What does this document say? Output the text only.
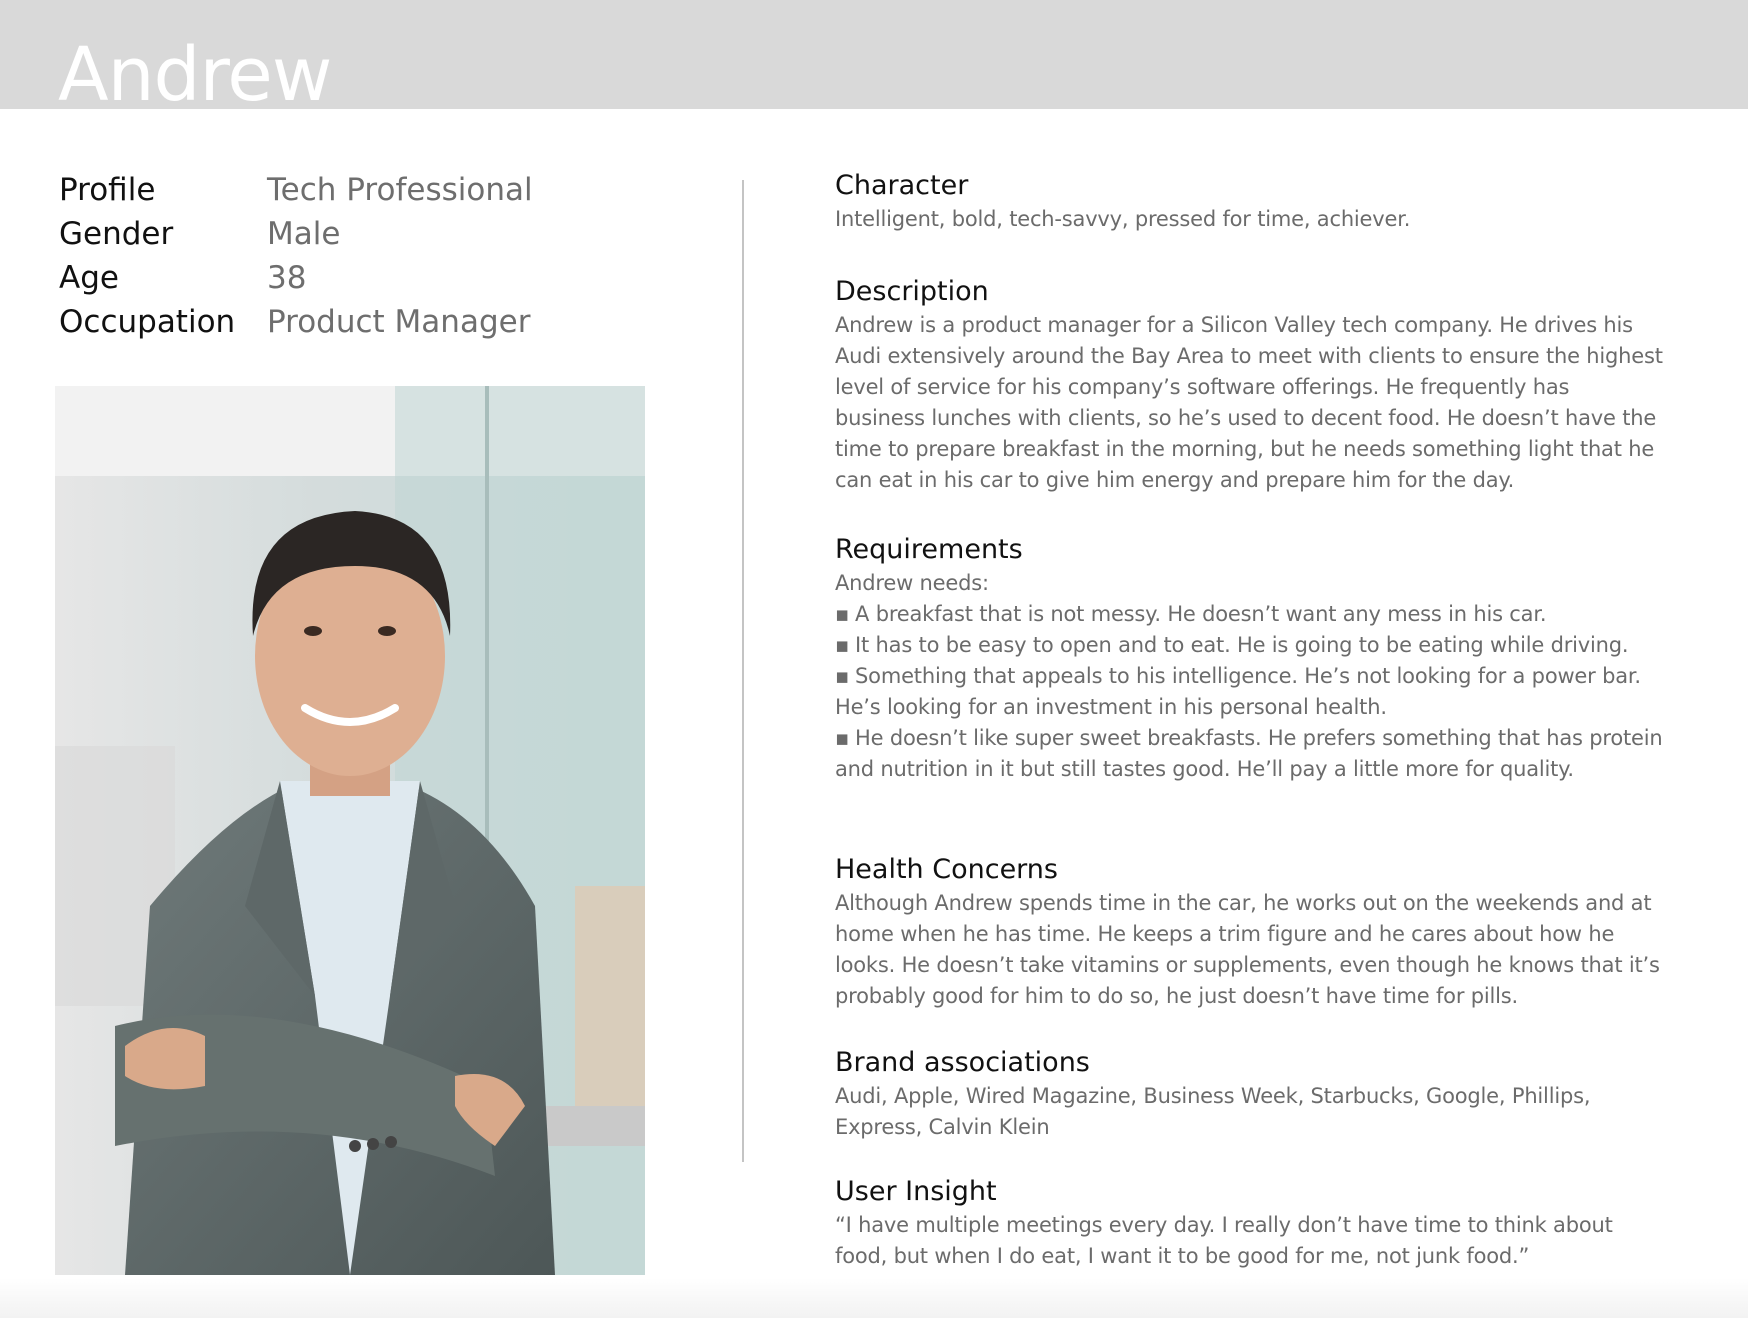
Andrew
Profile	Tech Professional
Gender	Male
Age	38
Occupation	Product Manager
Character
Intelligent, bold, tech-savvy, pressed for time, achiever.
Description
Andrew is a product manager for a Silicon Valley tech company. He drives his Audi extensively around the Bay Area to meet with clients to ensure the highest level of service for his company’s software offerings. He frequently has business lunches with clients, so he’s used to decent food. He doesn’t have the time to prepare breakfast in the morning, but he needs something light that he can eat in his car to give him energy and prepare him for the day.
Requirements
Andrew needs:
▪ A breakfast that is not messy. He doesn’t want any mess in his car.
▪ It has to be easy to open and to eat. He is going to be eating while driving.
▪ Something that appeals to his intelligence. He’s not looking for a power bar. He’s looking for an investment in his personal health.
▪ He doesn’t like super sweet breakfasts. He prefers something that has protein and nutrition in it but still tastes good. He’ll pay a little more for quality.
Health Concerns
Although Andrew spends time in the car, he works out on the weekends and at home when he has time. He keeps a trim figure and he cares about how he looks. He doesn’t take vitamins or supplements, even though he knows that it’s probably good for him to do so, he just doesn’t have time for pills.
Brand associations
Audi, Apple, Wired Magazine, Business Week, Starbucks, Google, Phillips, Express, Calvin Klein
User Insight
“I have multiple meetings every day. I really don’t have time to think about food, but when I do eat, I want it to be good for me, not junk food.”
